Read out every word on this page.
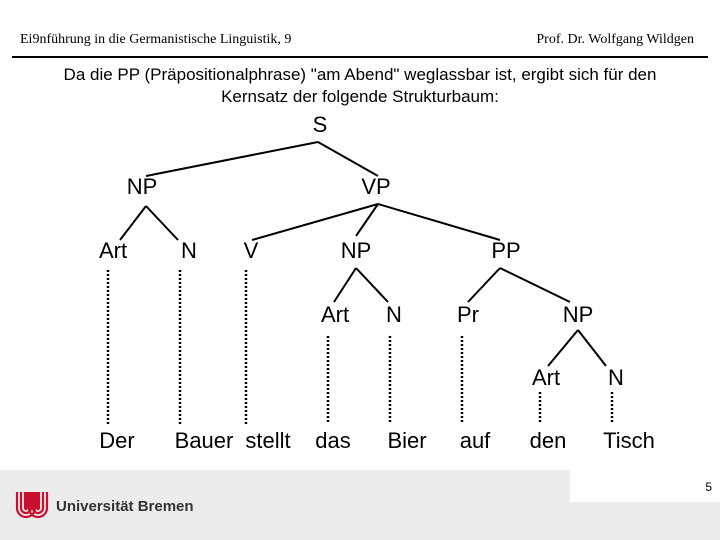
Ei9nführung in die Germanistische Linguistik, 9	Prof. Dr. Wolfgang Wildgen
Da die PP (Präpositionalphrase) "am Abend" weglassbar ist, ergibt sich für den
Kernsatz der folgende Strukturbaum:
S
NP	VP
Art N V	NP	PP
Art N	Pr	NP
Art N
Der Bauer stellt das Bier auf den Tisch
5
Universität Bremen
